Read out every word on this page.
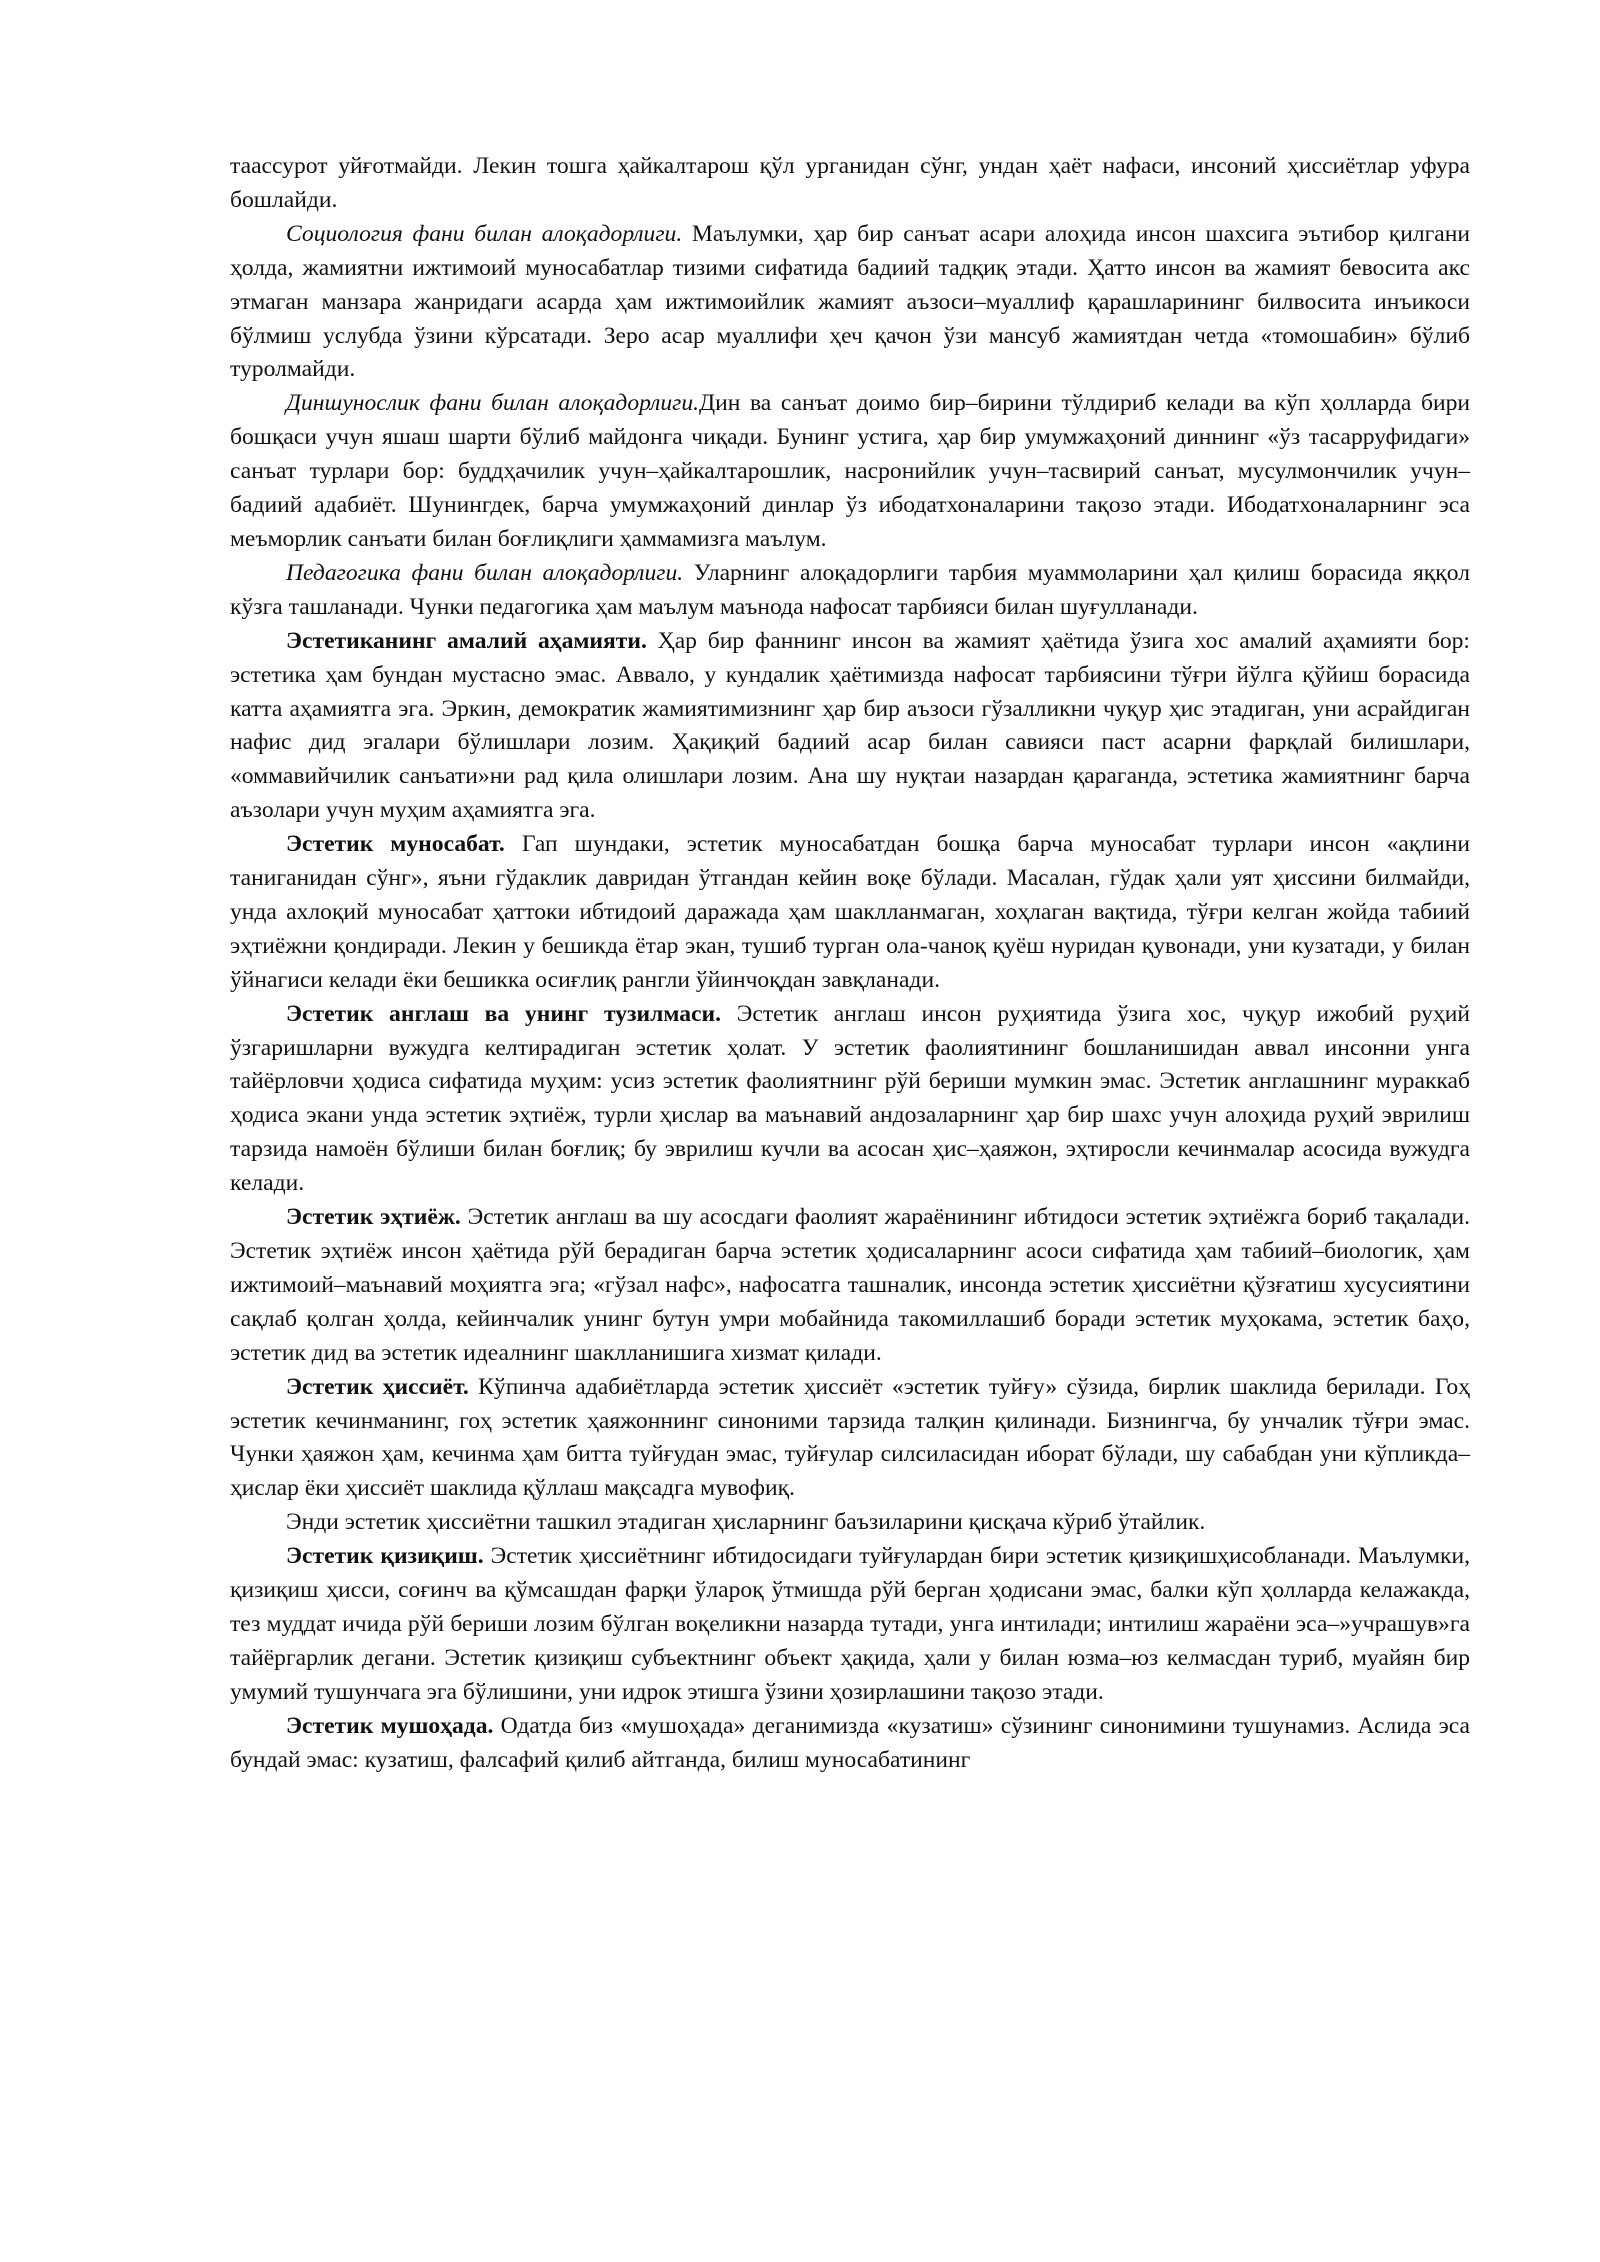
таассурот уйғотмайди. Лекин тошга ҳайкалтарош қўл урганидан сўнг, ундан ҳаёт нафаси, инсоний ҳиссиётлар уфура бошлайди.

Социология фани билан алоқадорлиги. Маълумки, ҳар бир санъат асари алоҳида инсон шахсига эътибор қилгани ҳолда, жамиятни ижтимоий муносабатлар тизими сифатида бадиий тадқиқ этади. Ҳатто инсон ва жамият бевосита акс этмаган манзара жанридаги асарда ҳам ижтимоийлик жамият аъзоси–муаллиф қарашларининг билвосита инъикоси бўлмиш услубда ўзини кўрсатади. Зеро асар муаллифи ҳеч қачон ўзи мансуб жамиятдан четда «томошабин» бўлиб туролмайди.

Диншунослик фани билан алоқадорлиги.Дин ва санъат доимо бир–бирини тўлдириб келади ва кўп ҳолларда бири бошқаси учун яшаш шарти бўлиб майдонга чиқади. Бунинг устига, ҳар бир умумжаҳоний диннинг «ўз тасарруфидаги» санъат турлари бор: буддҳачилик учун–ҳайкалтарошлик, насронийлик учун–тасвирий санъат, мусулмончилик учун–бадиий адабиёт. Шунингдек, барча умумжаҳоний динлар ўз ибодатхоналарини тақозо этади. Ибодатхоналарнинг эса меъморлик санъати билан боғлиқлиги ҳаммамизга маълум.

Педагогика фани билан алоқадорлиги. Уларнинг алоқадорлиги тарбия муаммоларини ҳал қилиш борасида яққол кўзга ташланади. Чунки педагогика ҳам маълум маънода нафосат тарбияси билан шуғулланади.

Эстетиканинг амалий аҳамияти. Ҳар бир фаннинг инсон ва жамият ҳаётида ўзига хос амалий аҳамияти бор: эстетика ҳам бундан мустасно эмас. Аввало, у кундалик ҳаётимизда нафосат тарбиясини тўғри йўлга қўйиш борасида катта аҳамиятга эга. Эркин, демократик жамиятимизнинг ҳар бир аъзоси гўзалликни чуқур ҳис этадиган, уни асрайдиган нафис дид эгалари бўлишлари лозим. Ҳақиқий бадиий асар билан савияси паст асарни фарқлай билишлари, «оммавийчилик санъати»ни рад қила олишлари лозим. Ана шу нуқтаи назардан қараганда, эстетика жамиятнинг барча аъзолари учун муҳим аҳамиятга эга.

Эстетик муносабат. Гап шундаки, эстетик муносабатдан бошқа барча муносабат турлари инсон «ақлини таниганидан сўнг», яъни гўдаклик давридан ўтгандан кейин воқе бўлади. Масалан, гўдак ҳали уят ҳиссини билмайди, унда ахлоқий муносабат ҳаттоки ибтидоий даражада ҳам шаклланмаган, хоҳлаган вақтида, тўғри келган жойда табиий эҳтиёжни қондиради. Лекин у бешикда ётар экан, тушиб турган ола-чаноқ қуёш нуридан қувонади, уни кузатади, у билан ўйнагиси келади ёки бешикка осиғлиқ рангли ўйинчоқдан завқланади.

Эстетик англаш ва унинг тузилмаси. Эстетик англаш инсон руҳиятида ўзига хос, чуқур ижобий руҳий ўзгаришларни вужудга келтирадиган эстетик ҳолат. У эстетик фаолиятининг бошланишидан аввал инсонни унга тайёрловчи ҳодиса сифатида муҳим: усиз эстетик фаолиятнинг рўй бериши мумкин эмас. Эстетик англашнинг мураккаб ҳодиса экани унда эстетик эҳтиёж, турли ҳислар ва маънавий андозаларнинг ҳар бир шахс учун алоҳида руҳий эврилиш тарзида намоён бўлиши билан боғлиқ; бу эврилиш кучли ва асосан ҳис–ҳаяжон, эҳтиросли кечинмалар асосида вужудга келади.

Эстетик эҳтиёж. Эстетик англаш ва шу асосдаги фаолият жараёнининг ибтидоси эстетик эҳтиёжга бориб тақалади. Эстетик эҳтиёж инсон ҳаётида рўй берадиган барча эстетик ҳодисаларнинг асоси сифатида ҳам табиий–биологик, ҳам ижтимоий–маънавий моҳиятга эга; «гўзал нафс», нафосатга ташналик, инсонда эстетик ҳиссиётни қўзғатиш хусусиятини сақлаб қолган ҳолда, кейинчалик унинг бутун умри мобайнида такомиллашиб боради эстетик муҳокама, эстетик баҳо, эстетик дид ва эстетик идеалнинг шаклланишига хизмат қилади.

Эстетик ҳиссиёт. Кўпинча адабиётларда эстетик ҳиссиёт «эстетик туйғу» сўзида, бирлик шаклида берилади. Гоҳ эстетик кечинманинг, гоҳ эстетик ҳаяжоннинг синоними тарзида талқин қилинади. Бизнингча, бу унчалик тўғри эмас. Чунки ҳаяжон ҳам, кечинма ҳам битта туйғудан эмас, туйғулар силсиласидан иборат бўлади, шу сабабдан уни кўпликда–ҳислар ёки ҳиссиёт шаклида қўллаш мақсадга мувофиқ.

Энди эстетик ҳиссиётни ташкил этадиган ҳисларнинг баъзиларини қисқача кўриб ўтайлик.

Эстетик қизиқиш. Эстетик ҳиссиётнинг ибтидосидаги туйғулардан бири эстетик қизиқишҳисобланади. Маълумки, қизиқиш ҳисси, соғинч ва қўмсашдан фарқи ўлароқ ўтмишда рўй берган ҳодисани эмас, балки кўп ҳолларда келажакда, тез муддат ичида рўй бериши лозим бўлган воқеликни назарда тутади, унга интилади; интилиш жараёни эса–»учрашув»га тайёргарлик дегани. Эстетик қизиқиш субъектнинг объект ҳақида, ҳали у билан юзма–юз келмасдан туриб, муайян бир умумий тушунчага эга бўлишини, уни идрок этишга ўзини ҳозирлашини тақозо этади.

Эстетик мушоҳада. Одатда биз «мушоҳада» деганимизда «кузатиш» сўзининг синонимини тушунамиз. Аслида эса бундай эмас: кузатиш, фалсафий қилиб айтганда, билиш муносабатининг
